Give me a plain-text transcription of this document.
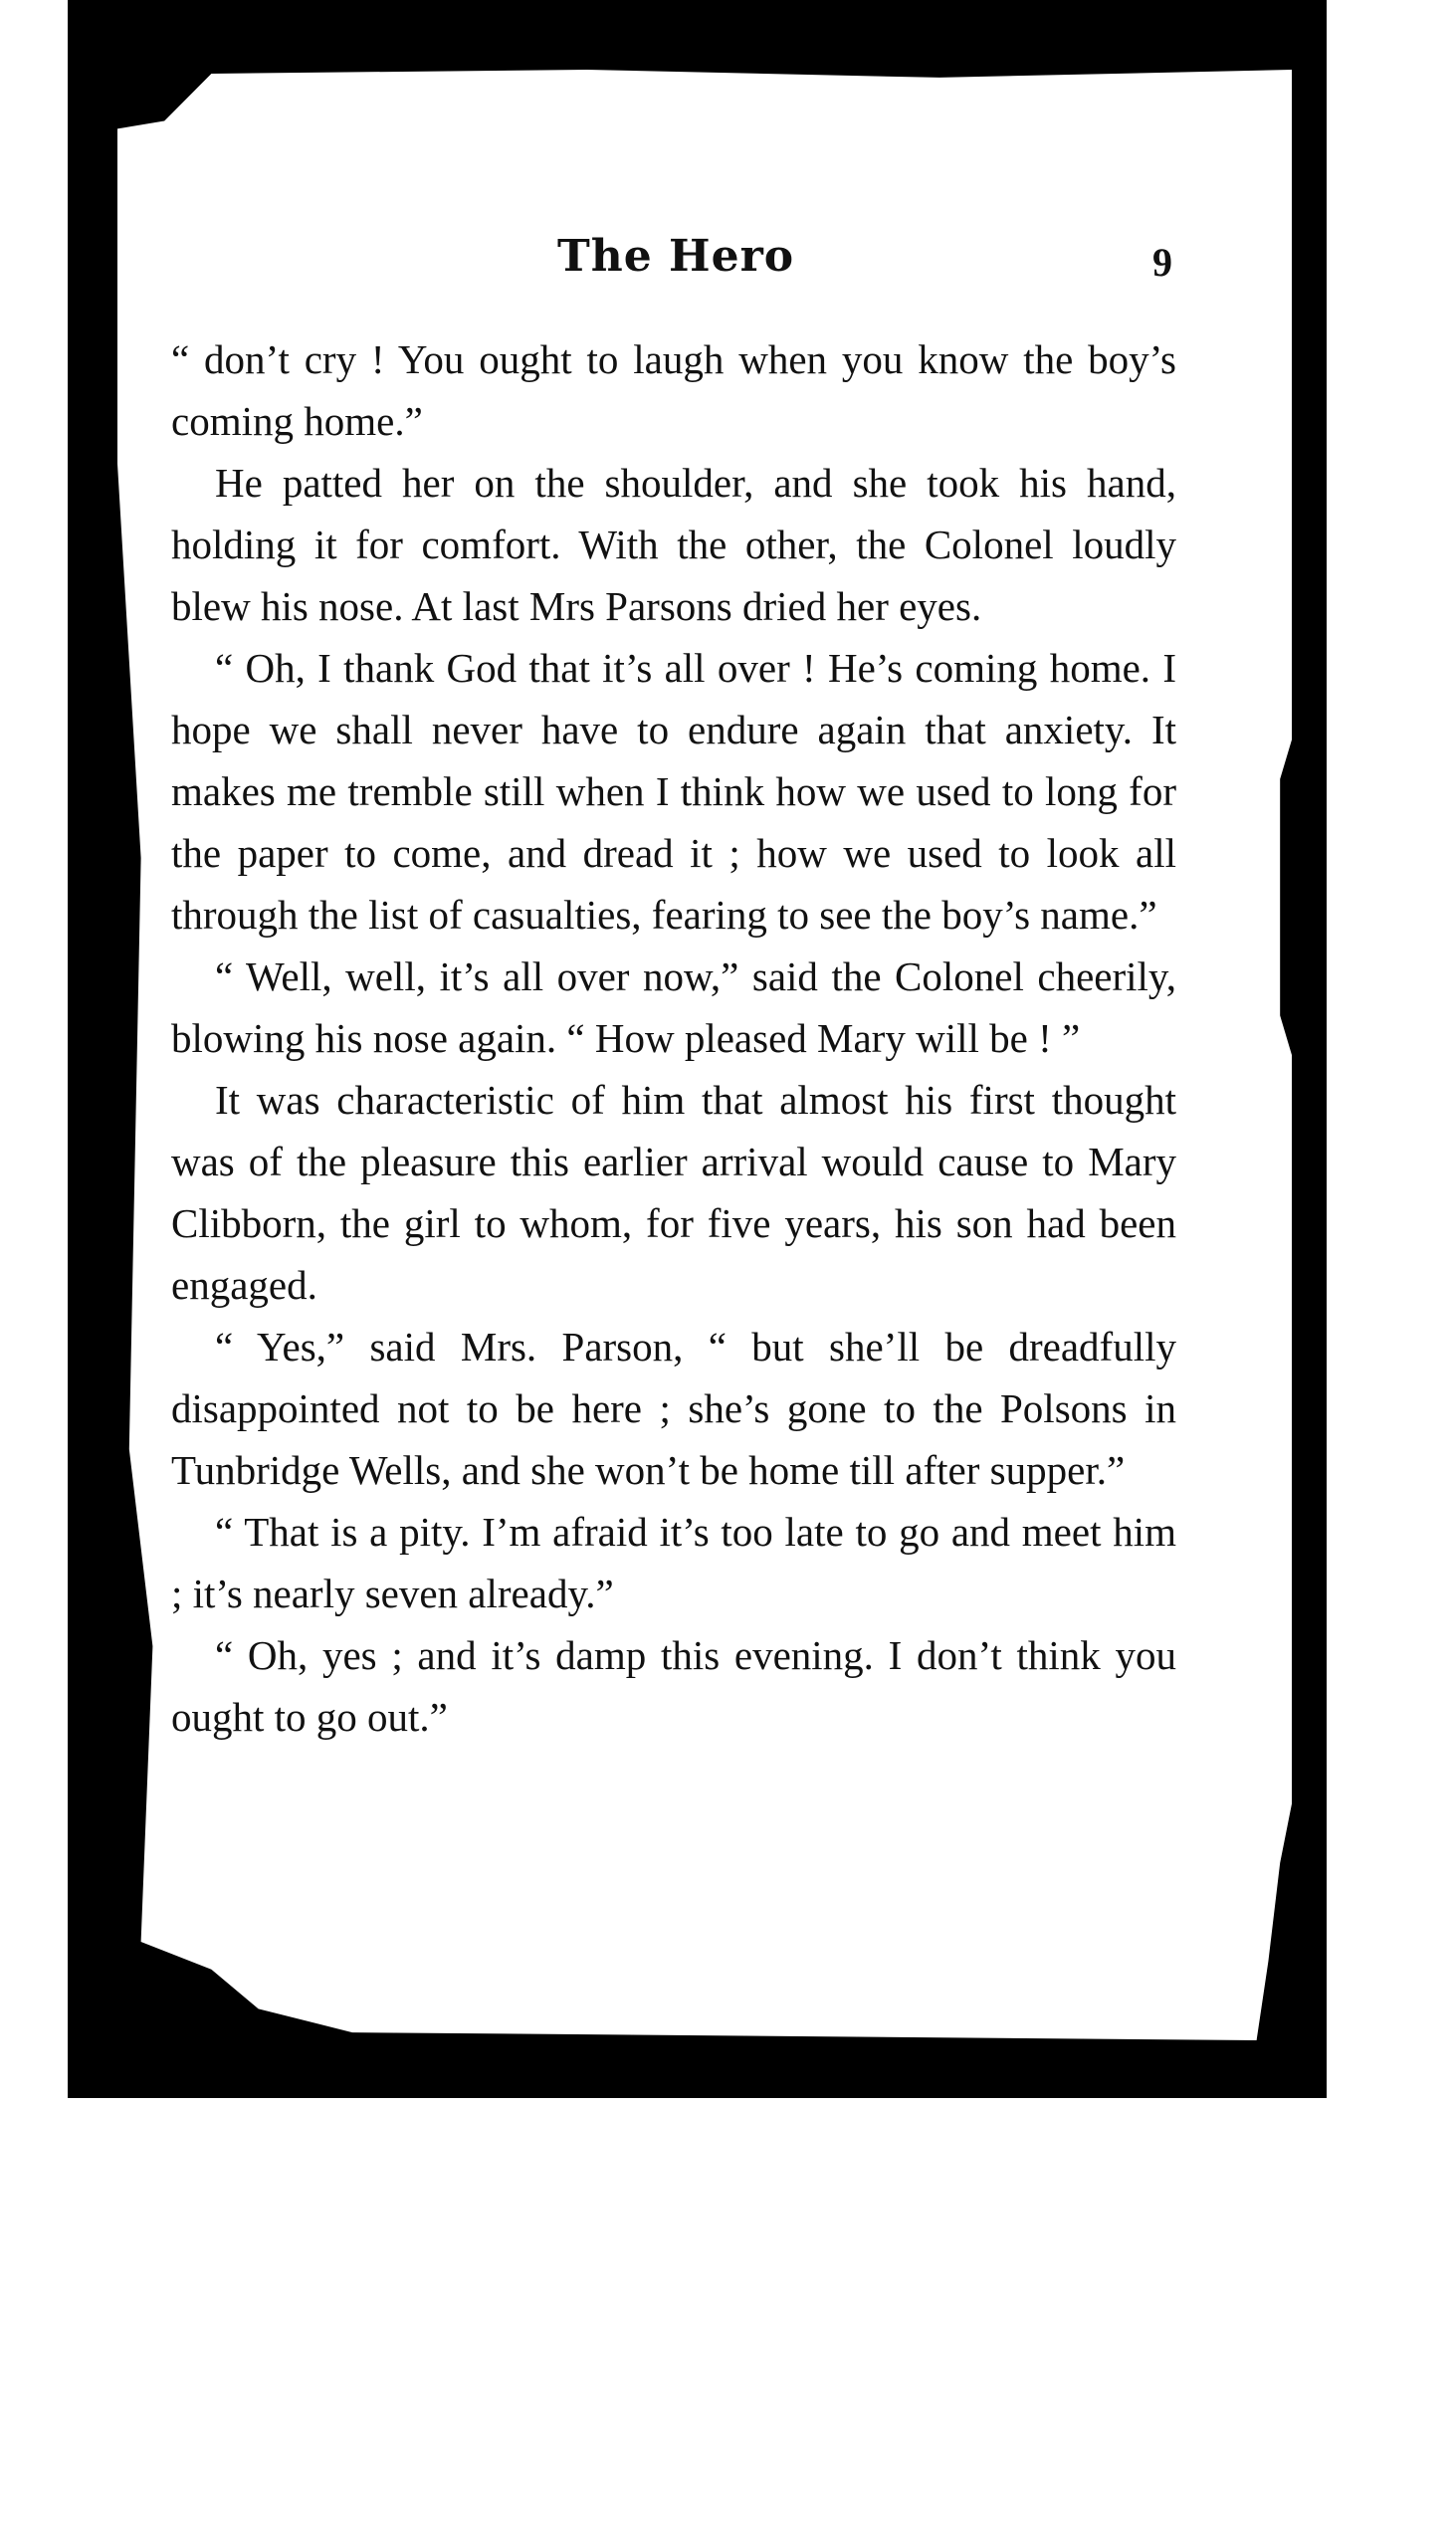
The Hero	9

“ don’t cry ! You ought to laugh when you know the boy’s coming home.”

He patted her on the shoulder, and she took his hand, holding it for comfort. With the other, the Colonel loudly blew his nose. At last Mrs Parsons dried her eyes.

“ Oh, I thank God that it’s all over ! He’s coming home. I hope we shall never have to endure again that anxiety. It makes me tremble still when I think how we used to long for the paper to come, and dread it ; how we used to look all through the list of casualties, fearing to see the boy’s name.”

“ Well, well, it’s all over now,” said the Colonel cheerily, blowing his nose again. “ How pleased Mary will be ! ”

It was characteristic of him that almost his first thought was of the pleasure this earlier arrival would cause to Mary Clibborn, the girl to whom, for five years, his son had been engaged.

“ Yes,” said Mrs. Parson, “ but she’ll be dreadfully disappointed not to be here ; she’s gone to the Polsons in Tunbridge Wells, and she won’t be home till after supper.”

“ That is a pity. I’m afraid it’s too late to go and meet him ; it’s nearly seven already.”

“ Oh, yes ; and it’s damp this evening. I don’t think you ought to go out.”
